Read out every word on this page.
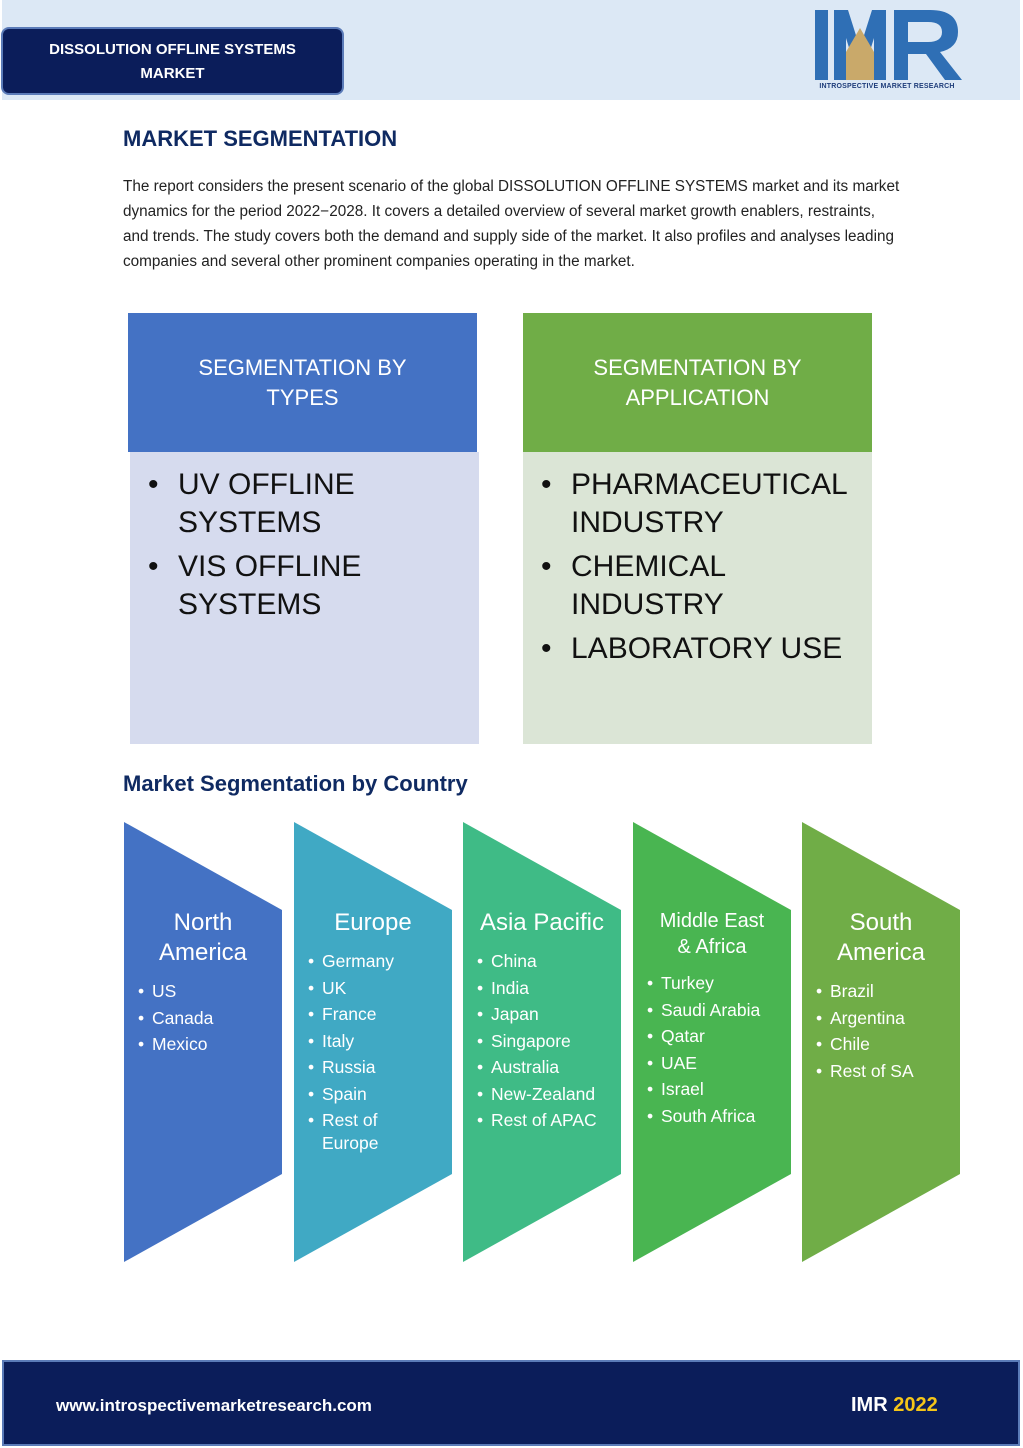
DISSOLUTION OFFLINE SYSTEMS
MARKET
INTROSPECTIVE MARKET RESEARCH
MARKET SEGMENTATION

The report considers the present scenario of the global DISSOLUTION OFFLINE SYSTEMS market and its market dynamics for the period 2022−2028. It covers a detailed overview of several market growth enablers, restraints, and trends. The study covers both the demand and supply side of the market. It also profiles and analyses leading companies and several other prominent companies operating in the market.

SEGMENTATION BY TYPES
• UV OFFLINE SYSTEMS
• VIS OFFLINE SYSTEMS
SEGMENTATION BY APPLICATION
• PHARMACEUTICAL INDUSTRY
• CHEMICAL INDUSTRY
• LABORATORY USE
Market Segmentation by Country
North America
• US
• Canada
• Mexico
Europe
• Germany
• UK
• France
• Italy
• Russia
• Spain
• Rest of Europe
Asia Pacific
• China
• India
• Japan
• Singapore
• Australia
• New-Zealand
• Rest of APAC
Middle East & Africa
• Turkey
• Saudi Arabia
• Qatar
• UAE
• Israel
• South Africa
South America
• Brazil
• Argentina
• Chile
• Rest of SA
www.introspectivemarketresearch.com	IMR 2022
